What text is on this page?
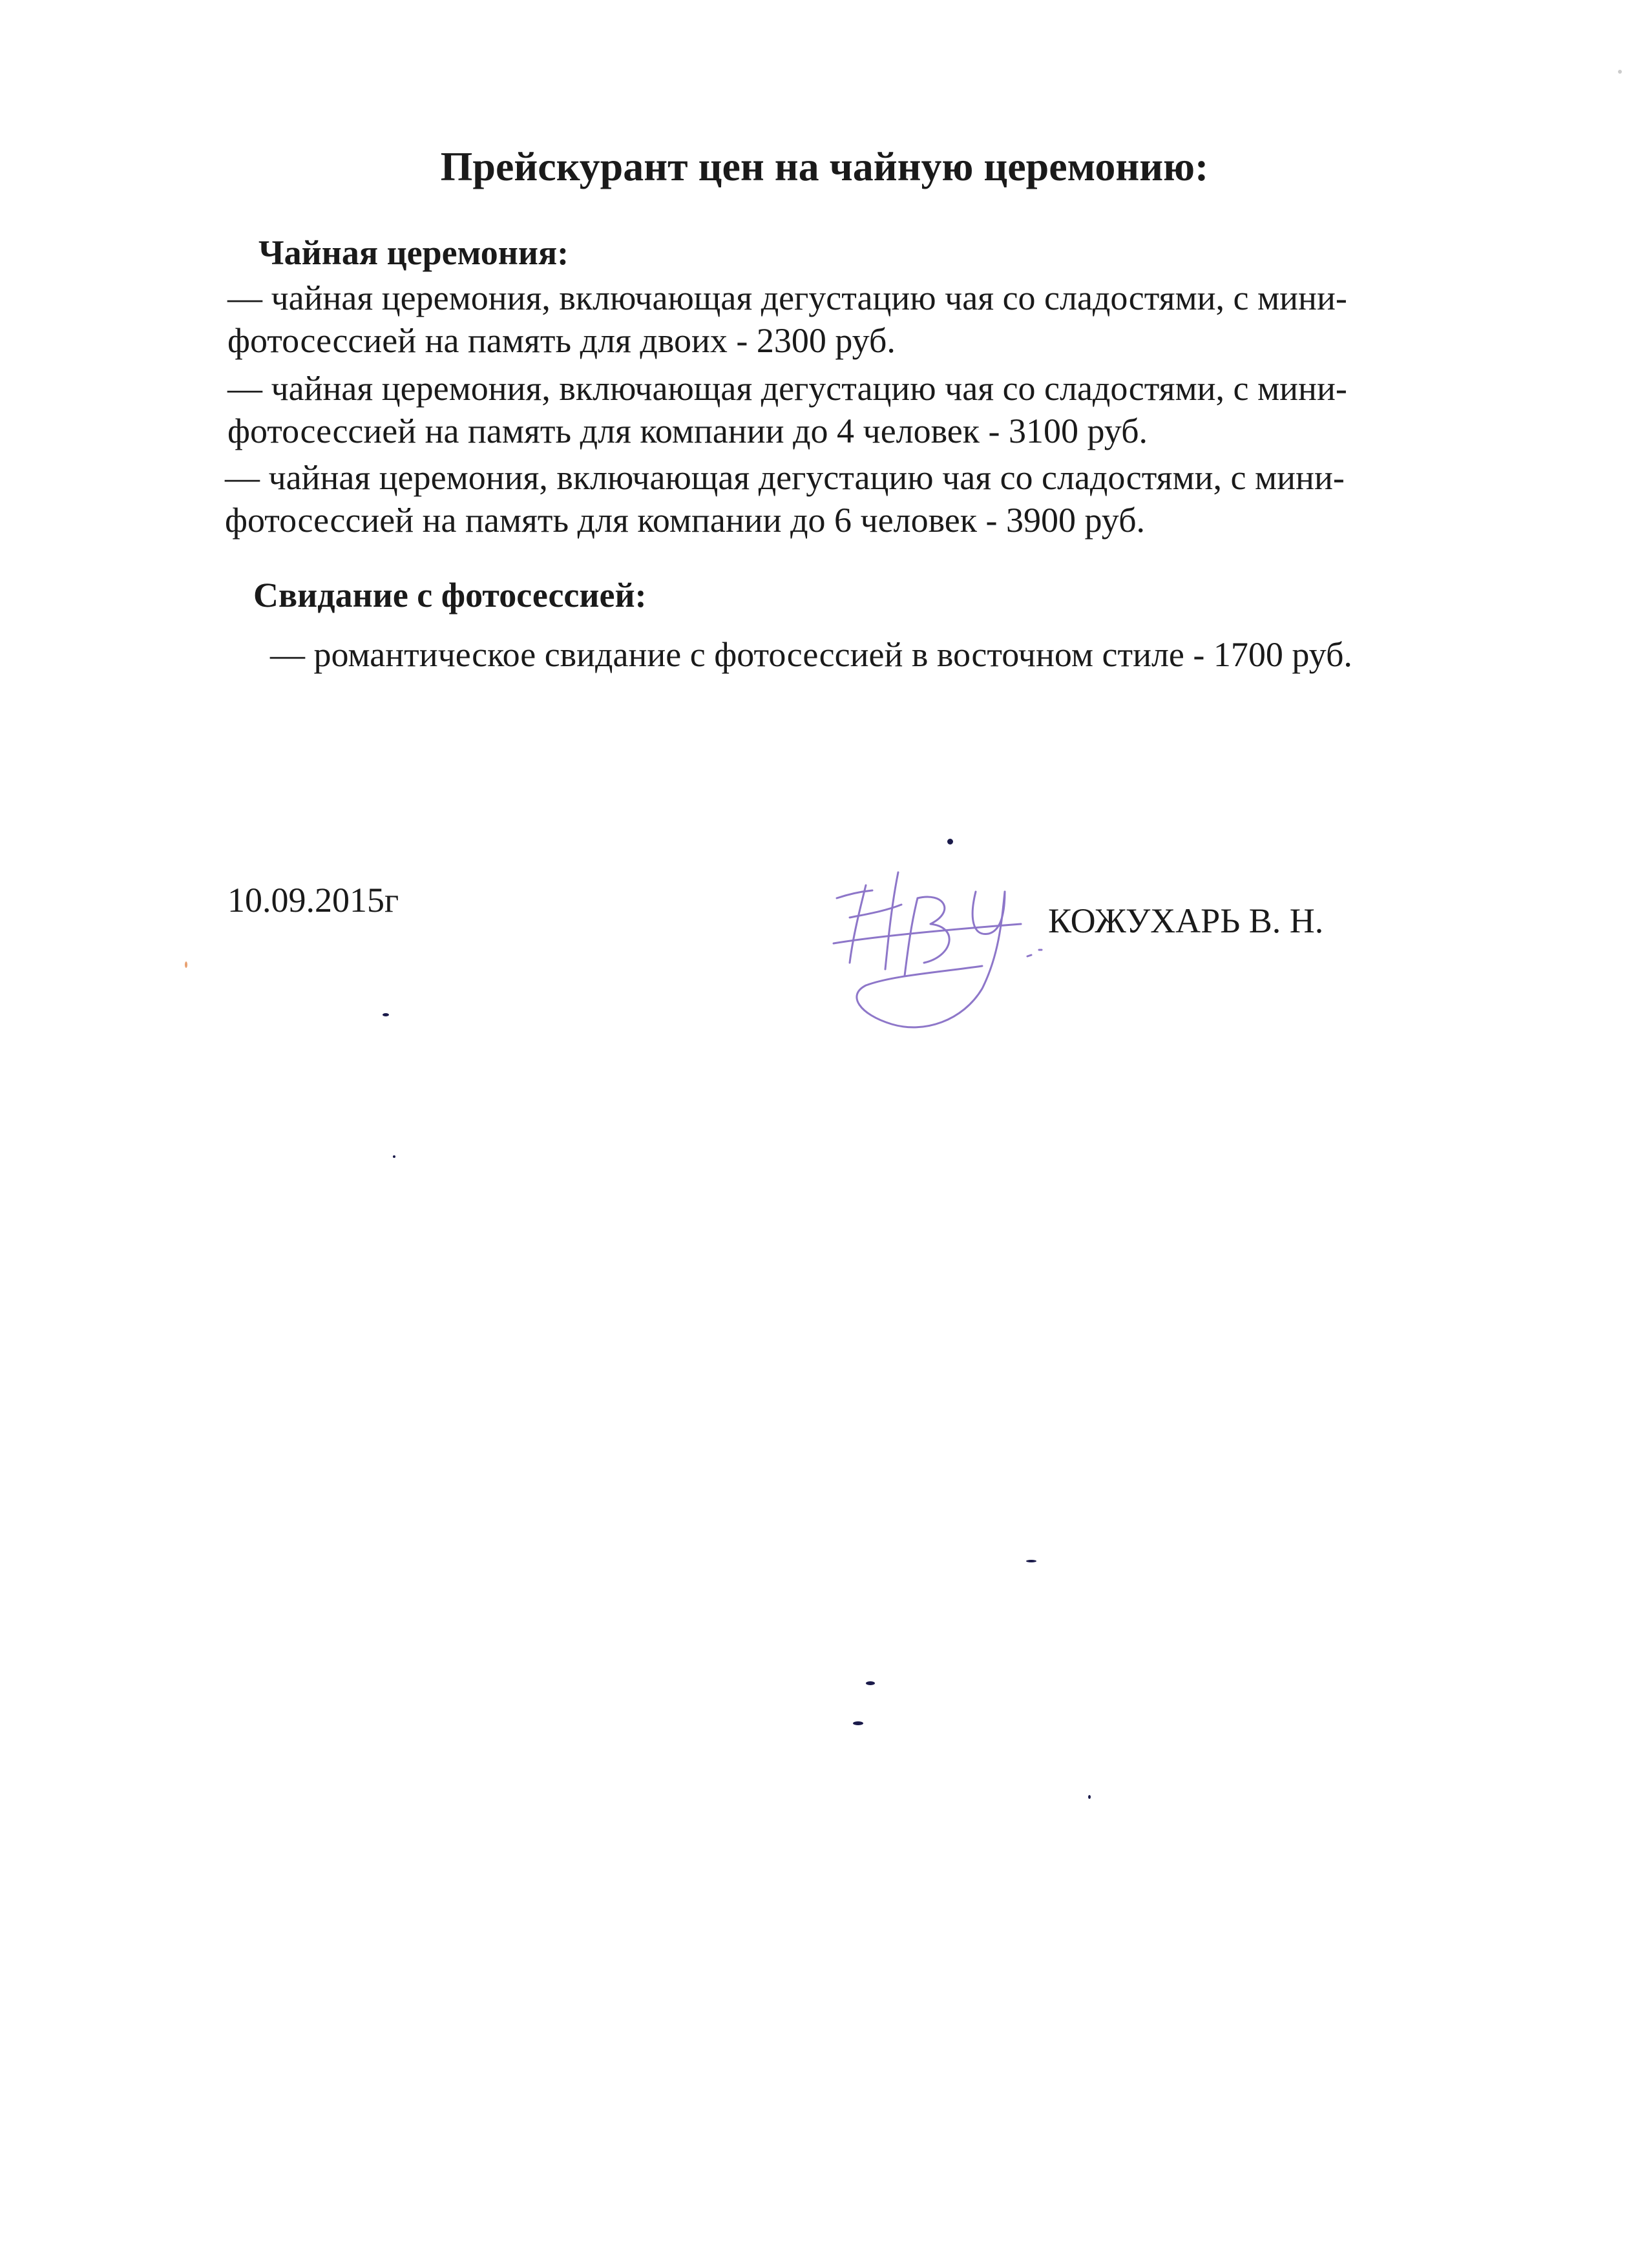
Прейскурант цен на чайную церемонию:
Чайная церемония:

— чайная церемония, включающая дегустацию чая со сладостями, с мини-
фотосессией на память для двоих - 2300 руб.

— чайная церемония, включающая дегустацию чая со сладостями, с мини-
фотосессией на память для компании до 4 человек - 3100 руб.

— чайная церемония, включающая дегустацию чая со сладостями, с мини-
фотосессией на память для компании до 6 человек - 3900 руб.

Свидание с фотосессией:

— романтическое свидание с фотосессией в восточном стиле - 1700 руб.

10.09.2015г
КОЖУХАРЬ В. Н.
